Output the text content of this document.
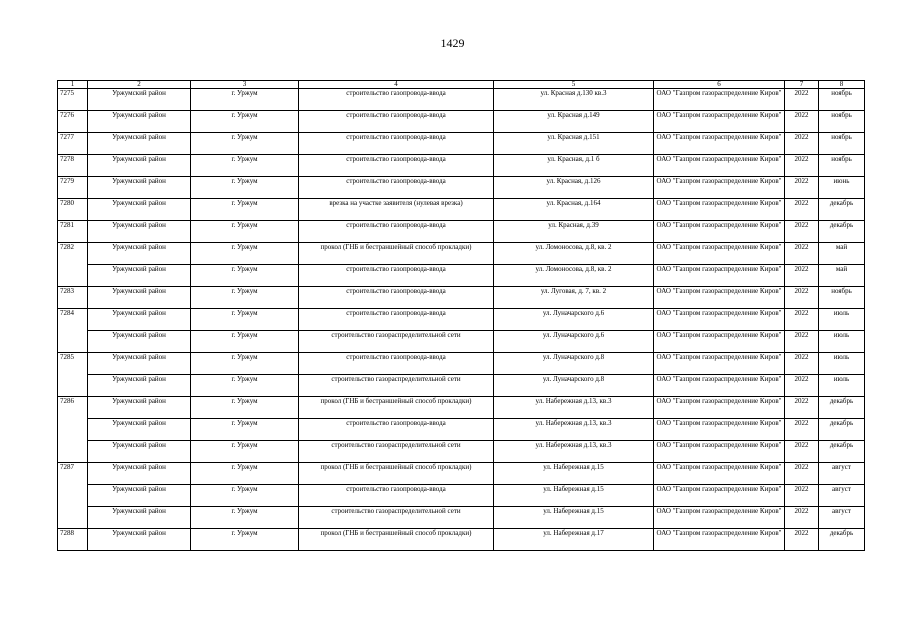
1429
1	2	3	4	5	6	7	8
7275	Уржумский район	г. Уржум	строительство газопровода-ввода	ул. Красная д.130 кв.3	ОАО "Газпром газораспределение Киров"	2022	ноябрь
7276	Уржумский район	г. Уржум	строительство газопровода-ввода	ул. Красная д.149	ОАО "Газпром газораспределение Киров"	2022	ноябрь
7277	Уржумский район	г. Уржум	строительство газопровода-ввода	ул. Красная д.151	ОАО "Газпром газораспределение Киров"	2022	ноябрь
7278	Уржумский район	г. Уржум	строительство газопровода-ввода	ул. Красная, д.1 б	ОАО "Газпром газораспределение Киров"	2022	ноябрь
7279	Уржумский район	г. Уржум	строительство газопровода-ввода	ул. Красная, д.126	ОАО "Газпром газораспределение Киров"	2022	июнь
7280	Уржумский район	г. Уржум	врезка на участке заявителя (нулевая врезка)	ул. Красная, д.164	ОАО "Газпром газораспределение Киров"	2022	декабрь
7281	Уржумский район	г. Уржум	строительство газопровода-ввода	ул. Красная, д.39	ОАО "Газпром газораспределение Киров"	2022	декабрь
7282	Уржумский район	г. Уржум	прокол (ГНБ и бестраншейный способ прокладки)	ул. Ломоносова, д.8, кв. 2	ОАО "Газпром газораспределение Киров"	2022	май
	Уржумский район	г. Уржум	строительство газопровода-ввода	ул. Ломоносова, д.8, кв. 2	ОАО "Газпром газораспределение Киров"	2022	май
7283	Уржумский район	г. Уржум	строительство газопровода-ввода	ул. Луговая, д. 7, кв. 2	ОАО "Газпром газораспределение Киров"	2022	ноябрь
7284	Уржумский район	г. Уржум	строительство газопровода-ввода	ул. Луначарского д.6	ОАО "Газпром газораспределение Киров"	2022	июль
	Уржумский район	г. Уржум	строительство газораспределительной сети	ул. Луначарского д.6	ОАО "Газпром газораспределение Киров"	2022	июль
7285	Уржумский район	г. Уржум	строительство газопровода-ввода	ул. Луначарского д.8	ОАО "Газпром газораспределение Киров"	2022	июль
	Уржумский район	г. Уржум	строительство газораспределительной сети	ул. Луначарского д.8	ОАО "Газпром газораспределение Киров"	2022	июль
7286	Уржумский район	г. Уржум	прокол (ГНБ и бестраншейный способ прокладки)	ул. Набережная д.13, кв.3	ОАО "Газпром газораспределение Киров"	2022	декабрь
	Уржумский район	г. Уржум	строительство газопровода-ввода	ул. Набережная д.13, кв.3	ОАО "Газпром газораспределение Киров"	2022	декабрь
	Уржумский район	г. Уржум	строительство газораспределительной сети	ул. Набережная д.13, кв.3	ОАО "Газпром газораспределение Киров"	2022	декабрь
7287	Уржумский район	г. Уржум	прокол (ГНБ и бестраншейный способ прокладки)	ул. Набережная д.15	ОАО "Газпром газораспределение Киров"	2022	август
	Уржумский район	г. Уржум	строительство газопровода-ввода	ул. Набережная д.15	ОАО "Газпром газораспределение Киров"	2022	август
	Уржумский район	г. Уржум	строительство газораспределительной сети	ул. Набережная д.15	ОАО "Газпром газораспределение Киров"	2022	август
7288	Уржумский район	г. Уржум	прокол (ГНБ и бестраншейный способ прокладки)	ул. Набережная д.17	ОАО "Газпром газораспределение Киров"	2022	декабрь
